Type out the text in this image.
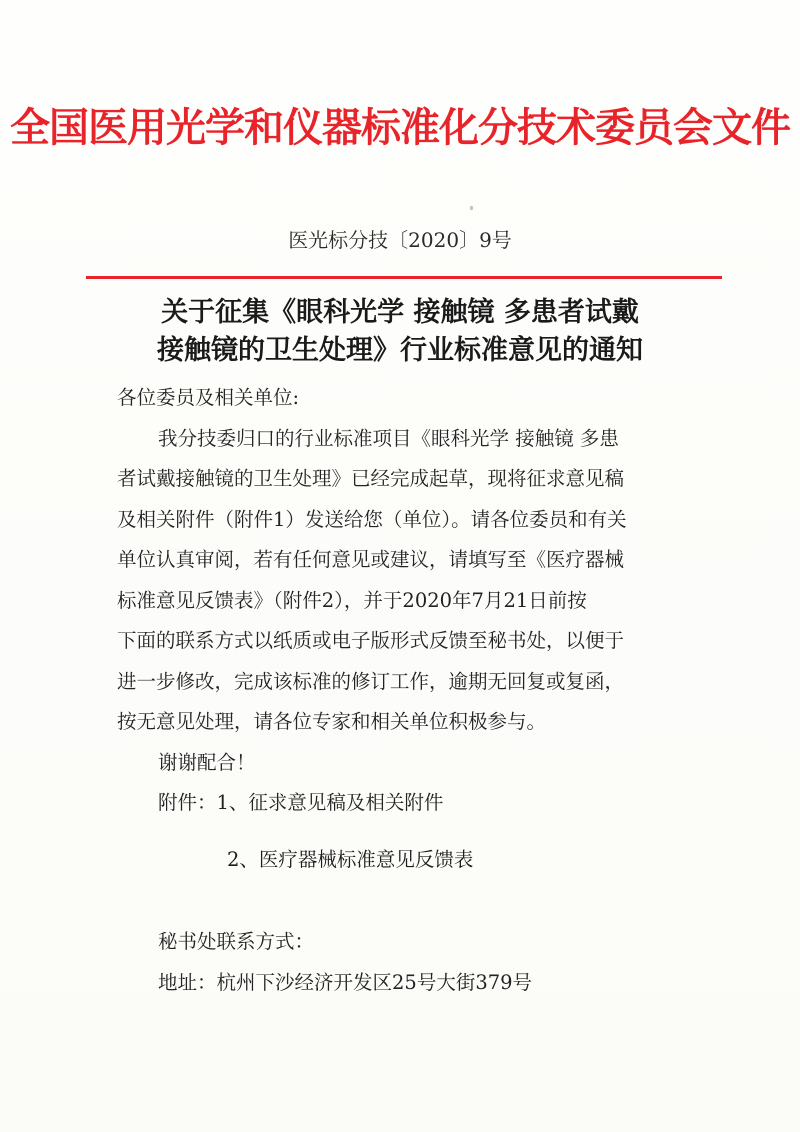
全国医用光学和仪器标准化分技术委员会文件
医光标分技〔2020〕9号
关于征集《眼科光学 接触镜 多患者试戴
接触镜的卫生处理》行业标准意见的通知
各位委员及相关单位:
我分技委归口的行业标准项目《眼科光学 接触镜 多患
者试戴接触镜的卫生处理》已经完成起草，现将征求意见稿
及相关附件（附件1）发送给您（单位）。请各位委员和有关
单位认真审阅，若有任何意见或建议，请填写至《医疗器械
标准意见反馈表》（附件2），并于2020年7月21日前按
下面的联系方式以纸质或电子版形式反馈至秘书处，以便于
进一步修改，完成该标准的修订工作，逾期无回复或复函，
按无意见处理，请各位专家和相关单位积极参与。
谢谢配合！
附件：1、征求意见稿及相关附件
2、医疗器械标准意见反馈表
秘书处联系方式：
地址：杭州下沙经济开发区25号大街379号
